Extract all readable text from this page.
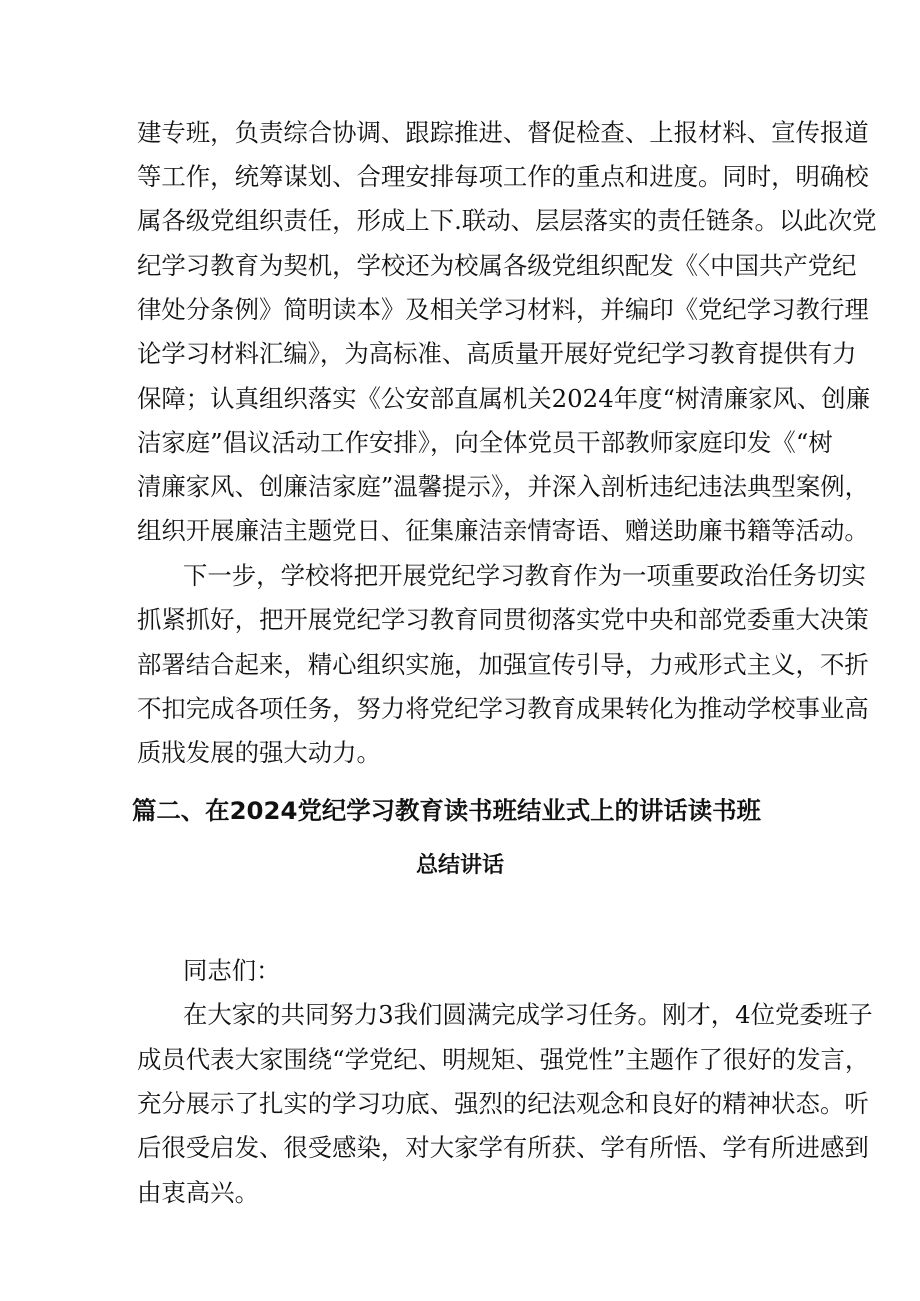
建专班，负责综合协调、跟踪推进、督促检查、上报材料、宣传报道
等工作，统筹谋划、合理安排每项工作的重点和进度。同时，明确校
属各级党组织责任，形成上下.联动、层层落实的责任链条。以此次党
纪学习教育为契机，学校还为校属各级党组织配发《〈中国共产党纪
律处分条例》简明读本》及相关学习材料，并编印《党纪学习教行理
论学习材料汇编》，为高标准、高质量开展好党纪学习教育提供有力
保障；认真组织落实《公安部直属机关2024年度“树清廉家风、创廉
洁家庭”倡议活动工作安排》，向全体党员干部教师家庭印发《“树
清廉家风、创廉洁家庭”温馨提示》，并深入剖析违纪违法典型案例，
组织开展廉洁主题党日、征集廉洁亲情寄语、赠送助廉书籍等活动。
下一步，学校将把开展党纪学习教育作为一项重要政治任务切实
抓紧抓好，把开展党纪学习教育同贯彻落实党中央和部党委重大决策
部署结合起来，精心组织实施，加强宣传引导，力戒形式主义，不折
不扣完成各项任务，努力将党纪学习教育成果转化为推动学校事业高
质戕发展的强大动力。
篇二、在2024党纪学习教育读书班结业式上的讲话读书班
总结讲话
同志们：
在大家的共同努力3我们圆满完成学习任务。刚才，4位党委班子
成员代表大家围绕“学党纪、明规矩、强党性”主题作了很好的发言，
充分展示了扎实的学习功底、强烈的纪法观念和良好的精神状态。听
后很受启发、很受感染，对大家学有所获、学有所悟、学有所进感到
由衷高兴。
